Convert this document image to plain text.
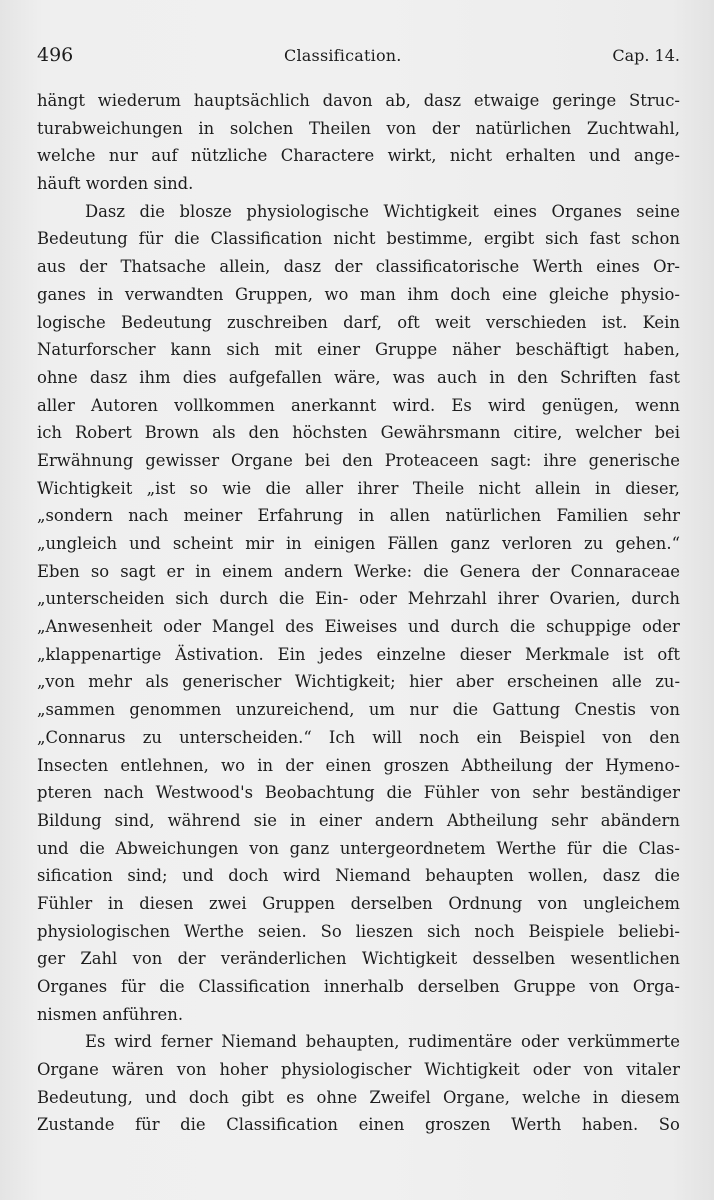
496	Classification.	Cap. 14.
hängt wiederum hauptsächlich davon ab, dasz etwaige geringe Struc-
turabweichungen in solchen Theilen von der natürlichen Zuchtwahl,
welche nur auf nützliche Charactere wirkt, nicht erhalten und ange-
häuft worden sind.
Dasz die blosze physiologische Wichtigkeit eines Organes seine
Bedeutung für die Classification nicht bestimme, ergibt sich fast schon
aus der Thatsache allein, dasz der classificatorische Werth eines Or-
ganes in verwandten Gruppen, wo man ihm doch eine gleiche physio-
logische Bedeutung zuschreiben darf, oft weit verschieden ist. Kein
Naturforscher kann sich mit einer Gruppe näher beschäftigt haben,
ohne dasz ihm dies aufgefallen wäre, was auch in den Schriften fast
aller Autoren vollkommen anerkannt wird. Es wird genügen, wenn
ich Robert Brown als den höchsten Gewährsmann citire, welcher bei
Erwähnung gewisser Organe bei den Proteaceen sagt: ihre generische
Wichtigkeit „ist so wie die aller ihrer Theile nicht allein in dieser,
„sondern nach meiner Erfahrung in allen natürlichen Familien sehr
„ungleich und scheint mir in einigen Fällen ganz verloren zu gehen.“
Eben so sagt er in einem andern Werke: die Genera der Connaraceae
„unterscheiden sich durch die Ein- oder Mehrzahl ihrer Ovarien, durch
„Anwesenheit oder Mangel des Eiweises und durch die schuppige oder
„klappenartige Ästivation. Ein jedes einzelne dieser Merkmale ist oft
„von mehr als generischer Wichtigkeit; hier aber erscheinen alle zu-
„sammen genommen unzureichend, um nur die Gattung Cnestis von
„Connarus zu unterscheiden.“ Ich will noch ein Beispiel von den
Insecten entlehnen, wo in der einen groszen Abtheilung der Hymeno-
pteren nach Westwood's Beobachtung die Fühler von sehr beständiger
Bildung sind, während sie in einer andern Abtheilung sehr abändern
und die Abweichungen von ganz untergeordnetem Werthe für die Clas-
sification sind; und doch wird Niemand behaupten wollen, dasz die
Fühler in diesen zwei Gruppen derselben Ordnung von ungleichem
physiologischen Werthe seien. So lieszen sich noch Beispiele beliebi-
ger Zahl von der veränderlichen Wichtigkeit desselben wesentlichen
Organes für die Classification innerhalb derselben Gruppe von Orga-
nismen anführen.
Es wird ferner Niemand behaupten, rudimentäre oder verkümmerte
Organe wären von hoher physiologischer Wichtigkeit oder von vitaler
Bedeutung, und doch gibt es ohne Zweifel Organe, welche in diesem
Zustande für die Classification einen groszen Werth haben. So
